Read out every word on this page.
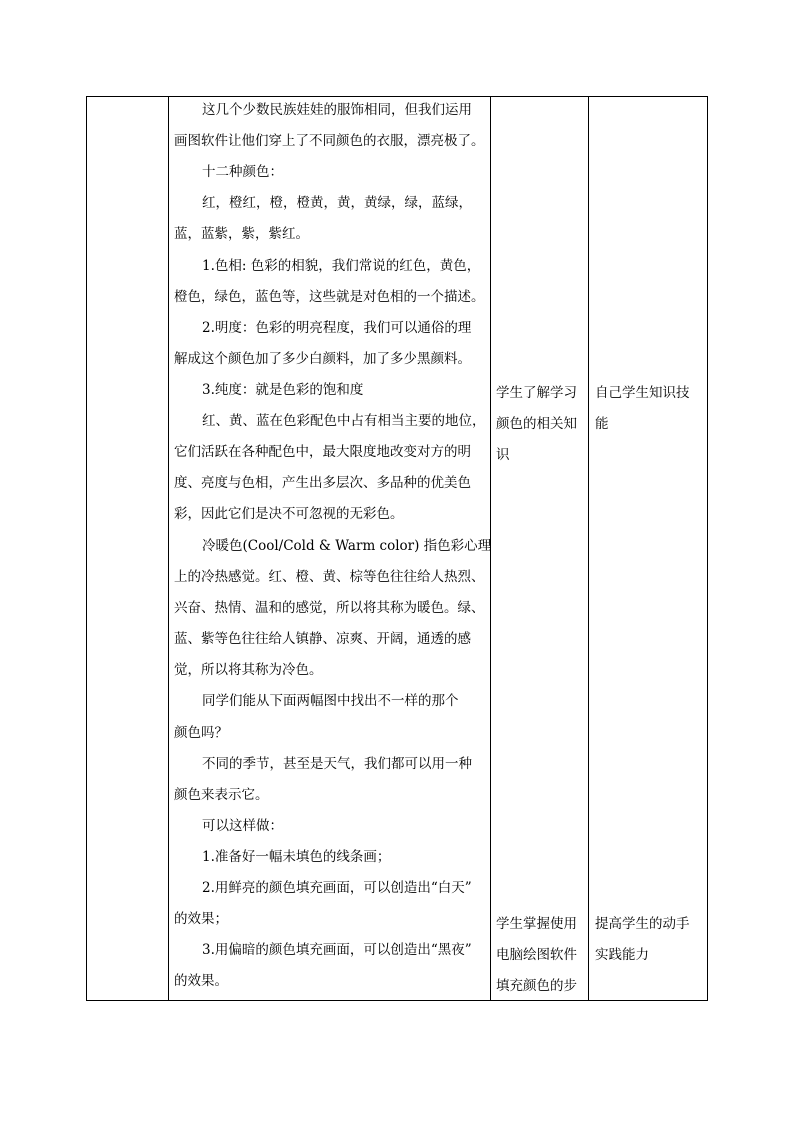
这几个少数民族娃娃的服饰相同，但我们运用
画图软件让他们穿上了不同颜色的衣服，漂亮极了。
十二种颜色：
红，橙红，橙，橙黄，黄，黄绿，绿，蓝绿，
蓝，蓝紫，紫，紫红。
1.色相: 色彩的相貌，我们常说的红色，黄色，
橙色，绿色，蓝色等，这些就是对色相的一个描述。
2.明度：色彩的明亮程度，我们可以通俗的理
解成这个颜色加了多少白颜料，加了多少黑颜料。
3.纯度：就是色彩的饱和度
红、黄、蓝在色彩配色中占有相当主要的地位，
它们活跃在各种配色中，最大限度地改变对方的明
度、亮度与色相，产生出多层次、多品种的优美色
彩，因此它们是决不可忽视的无彩色。
冷暖色(Cool/Cold & Warm color) 指色彩心理
上的冷热感觉。红、橙、黄、棕等色往往给人热烈、
兴奋、热情、温和的感觉，所以将其称为暖色。绿、
蓝、紫等色往往给人镇静、凉爽、开阔，通透的感
觉，所以将其称为冷色。
同学们能从下面两幅图中找出不一样的那个
颜色吗？
不同的季节，甚至是天气，我们都可以用一种
颜色来表示它。
可以这样做：
1.准备好一幅未填色的线条画；
2.用鲜亮的颜色填充画面，可以创造出“白天”
的效果；
3.用偏暗的颜色填充画面，可以创造出“黑夜”
的效果。
学生了解学习
颜色的相关知
识
学生掌握使用
电脑绘图软件
填充颜色的步
自己学生知识技
能
提高学生的动手
实践能力
